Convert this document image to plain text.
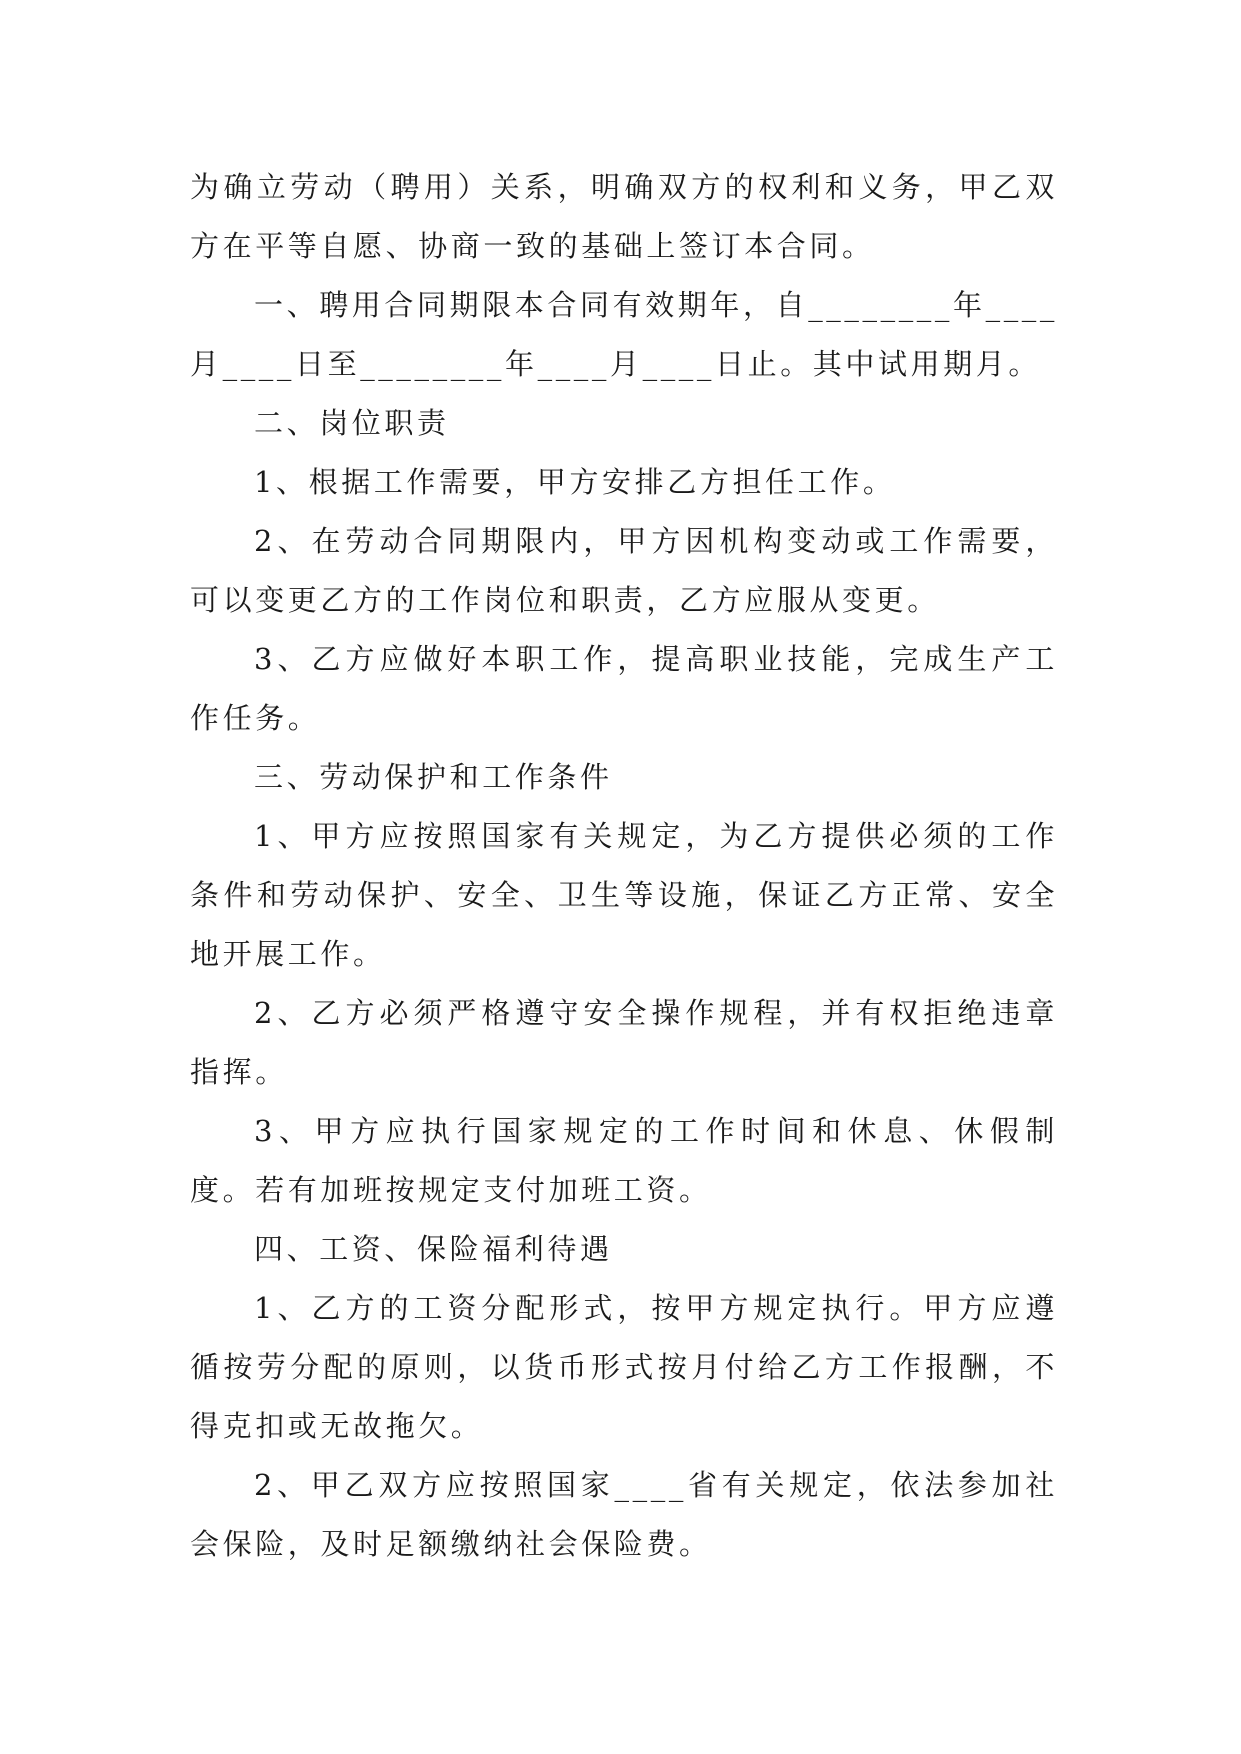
为确立劳动（聘用）关系，明确双方的权利和义务，甲乙双方在平等自愿、协商一致的基础上签订本合同。

一、聘用合同期限本合同有效期年，自________年____月____日至________年____月____日止。其中试用期月。

二、岗位职责

1、根据工作需要，甲方安排乙方担任工作。

2、在劳动合同期限内，甲方因机构变动或工作需要，可以变更乙方的工作岗位和职责，乙方应服从变更。

3、乙方应做好本职工作，提高职业技能，完成生产工作任务。

三、劳动保护和工作条件

1、甲方应按照国家有关规定，为乙方提供必须的工作条件和劳动保护、安全、卫生等设施，保证乙方正常、安全地开展工作。

2、乙方必须严格遵守安全操作规程，并有权拒绝违章指挥。

3、甲方应执行国家规定的工作时间和休息、休假制度。若有加班按规定支付加班工资。

四、工资、保险福利待遇

1、乙方的工资分配形式，按甲方规定执行。甲方应遵循按劳分配的原则，以货币形式按月付给乙方工作报酬，不得克扣或无故拖欠。

2、甲乙双方应按照国家____省有关规定，依法参加社会保险，及时足额缴纳社会保险费。
